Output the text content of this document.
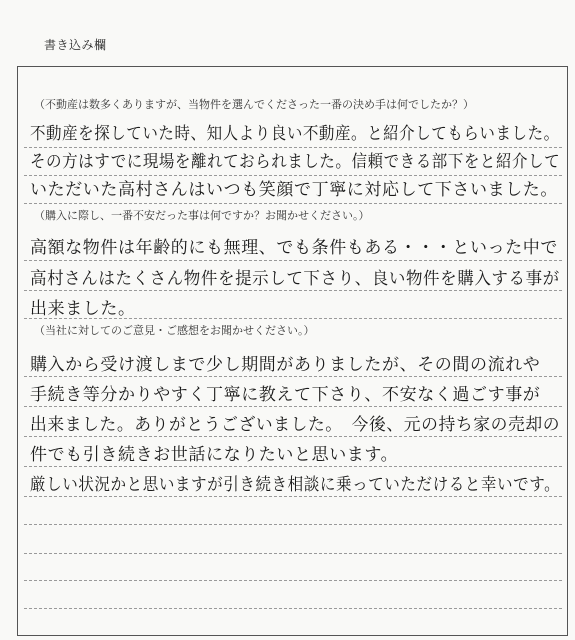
書き込み欄
（不動産は数多くありますが、当物件を選んでくださった一番の決め手は何でしたか？）
不動産を探していた時、知人より良い不動産。と紹介してもらいました。
その方はすでに現場を離れておられました。信頼できる部下をと紹介して
いただいた高村さんはいつも笑顔で丁寧に対応して下さいました。
（購入に際し、一番不安だった事は何ですか？お聞かせください。）
高額な物件は年齢的にも無理、でも条件もある・・・といった中で
高村さんはたくさん物件を提示して下さり、良い物件を購入する事が
出来ました。
（当社に対してのご意見・ご感想をお聞かせください。）
購入から受け渡しまで少し期間がありましたが、その間の流れや
手続き等分かりやすく丁寧に教えて下さり、不安なく過ごす事が
出来ました。ありがとうございました。　今後、元の持ち家の売却の
件でも引き続きお世話になりたいと思います。
厳しい状況かと思いますが引き続き相談に乗っていただけると幸いです。
